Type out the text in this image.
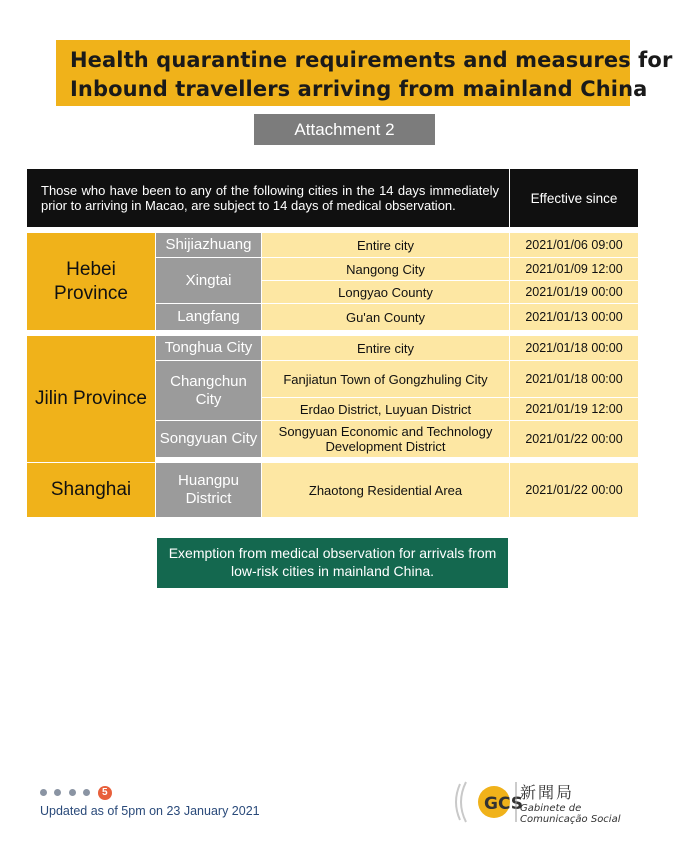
Health quarantine requirements and measures for
Inbound travellers arriving from mainland China
Attachment 2
Those who have been to any of the following cities in the 14 days immediately prior to arriving in Macao, are subject to 14 days of medical observation.			Effective since

Hebei Province	Shijiazhuang	Entire city	2021/01/06 09:00
	Xingtai	Nangong City	2021/01/09 12:00
		Longyao County	2021/01/19 00:00
	Langfang	Gu'an County	2021/01/13 00:00

Jilin Province	Tonghua City	Entire city	2021/01/18 00:00
	Changchun City	Fanjiatun Town of Gongzhuling City	2021/01/18 00:00
		Erdao District, Luyuan District	2021/01/19 12:00
	Songyuan City	Songyuan Economic and Technology Development District	2021/01/22 00:00

Shanghai	Huangpu District	Zhaotong Residential Area	2021/01/22 00:00
Exemption from medical observation for arrivals from low-risk cities in mainland China.
5
Updated as of 5pm on 23 January 2021	GCS
新聞局
Gabinete de Comunicação Social
